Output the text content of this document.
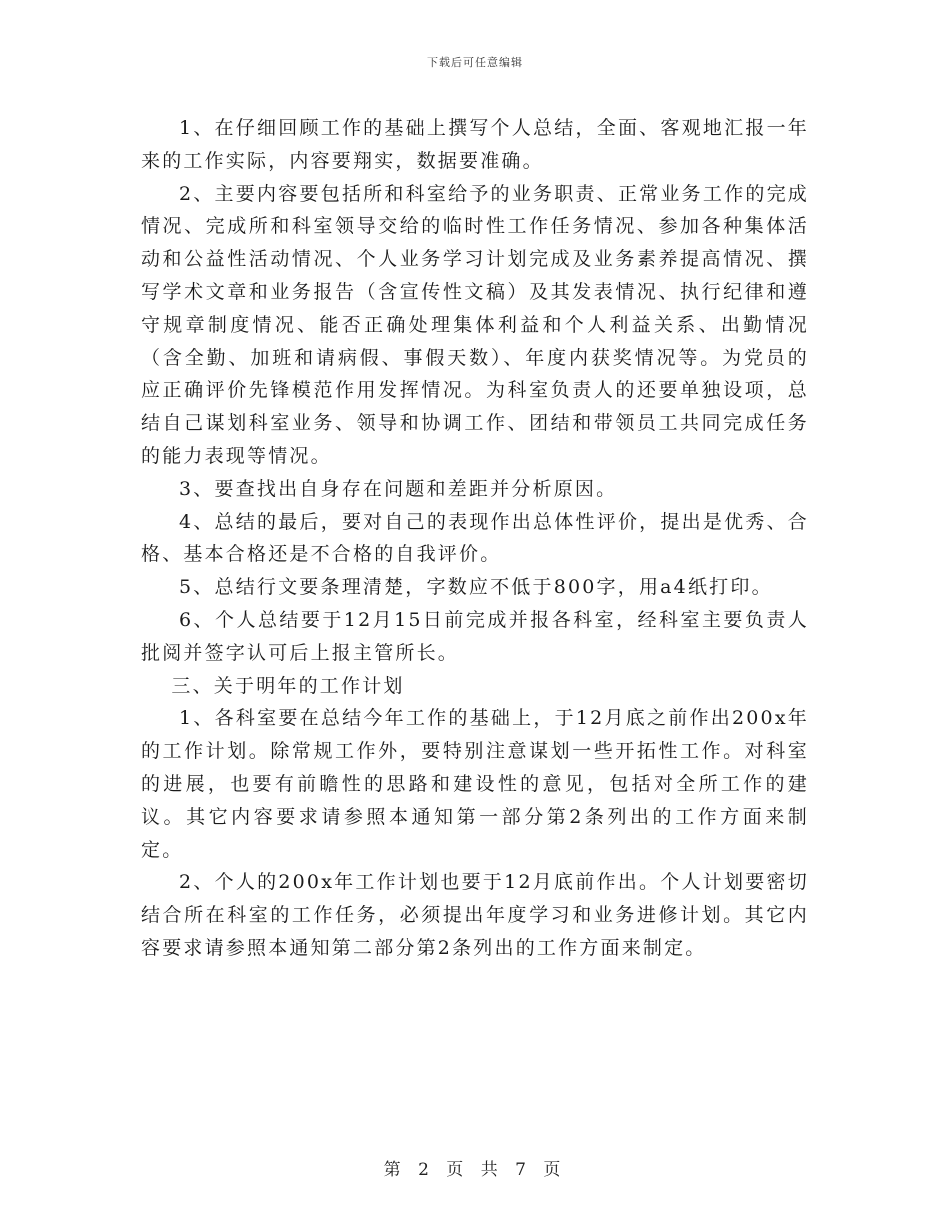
下载后可任意编辑

1、在仔细回顾工作的基础上撰写个人总结，全面、客观地汇报一年来的工作实际，内容要翔实，数据要准确。

2、主要内容要包括所和科室给予的业务职责、正常业务工作的完成情况、完成所和科室领导交给的临时性工作任务情况、参加各种集体活动和公益性活动情况、个人业务学习计划完成及业务素养提高情况、撰写学术文章和业务报告（含宣传性文稿）及其发表情况、执行纪律和遵守规章制度情况、能否正确处理集体利益和个人利益关系、出勤情况（含全勤、加班和请病假、事假天数）、年度内获奖情况等。为党员的应正确评价先锋模范作用发挥情况。为科室负责人的还要单独设项，总结自己谋划科室业务、领导和协调工作、团结和带领员工共同完成任务的能力表现等情况。

3、要查找出自身存在问题和差距并分析原因。

4、总结的最后，要对自己的表现作出总体性评价，提出是优秀、合格、基本合格还是不合格的自我评价。

5、总结行文要条理清楚，字数应不低于800字，用a4纸打印。

6、个人总结要于12月15日前完成并报各科室，经科室主要负责人批阅并签字认可后上报主管所长。

三、关于明年的工作计划

1、各科室要在总结今年工作的基础上，于12月底之前作出200x年的工作计划。除常规工作外，要特别注意谋划一些开拓性工作。对科室的进展，也要有前瞻性的思路和建设性的意见，包括对全所工作的建议。其它内容要求请参照本通知第一部分第2条列出的工作方面来制定。

2、个人的200x年工作计划也要于12月底前作出。个人计划要密切结合所在科室的工作任务，必须提出年度学习和业务进修计划。其它内容要求请参照本通知第二部分第2条列出的工作方面来制定。

第 2 页 共 7 页
